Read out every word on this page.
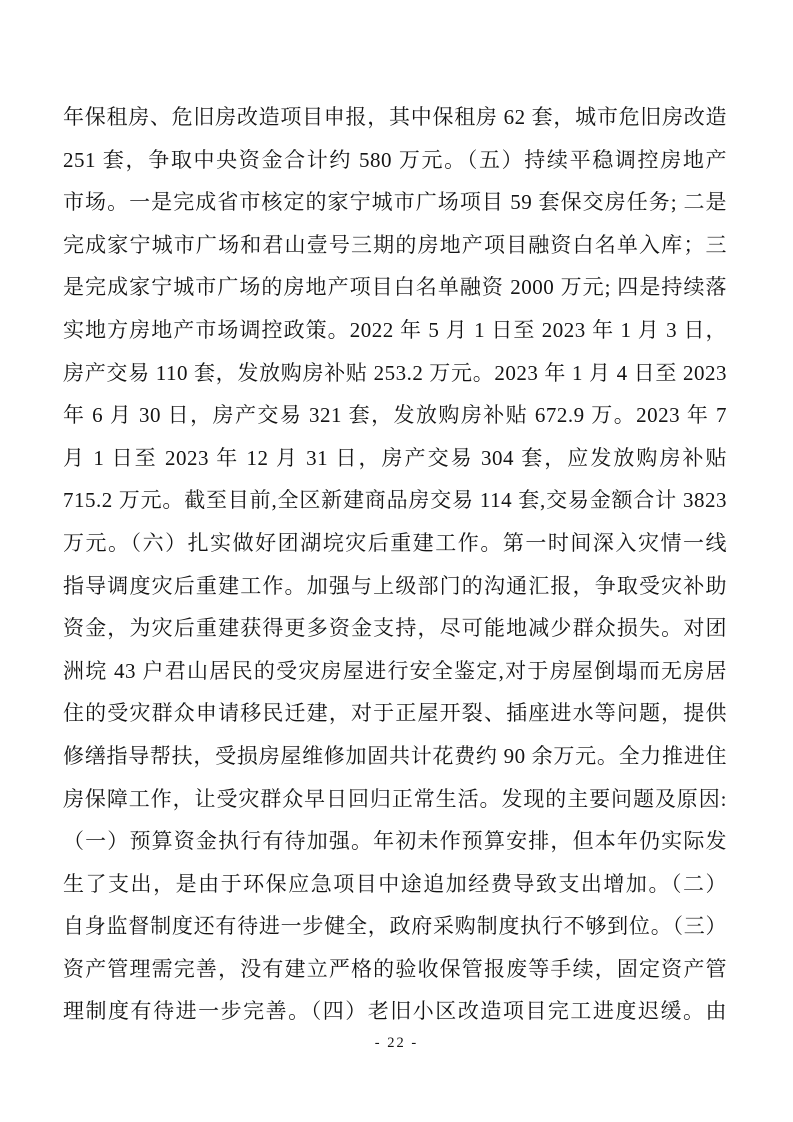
年保租房、危旧房改造项目申报，其中保租房 62 套，城市危旧房改造
251 套，争取中央资金合计约 580 万元。（五）持续平稳调控房地产
市场。一是完成省市核定的家宁城市广场项目 59 套保交房任务; 二是
完成家宁城市广场和君山壹号三期的房地产项目融资白名单入库；三
是完成家宁城市广场的房地产项目白名单融资 2000 万元; 四是持续落
实地方房地产市场调控政策。2022 年 5 月 1 日至 2023 年 1 月 3 日，
房产交易 110 套，发放购房补贴 253.2 万元。2023 年 1 月 4 日至 2023
年 6 月 30 日，房产交易 321 套，发放购房补贴 672.9 万。2023 年 7
月 1 日至 2023 年 12 月 31 日，房产交易 304 套，应发放购房补贴
715.2 万元。截至目前,全区新建商品房交易 114 套,交易金额合计 3823
万元。（六）扎实做好团湖垸灾后重建工作。第一时间深入灾情一线
指导调度灾后重建工作。加强与上级部门的沟通汇报，争取受灾补助
资金，为灾后重建获得更多资金支持，尽可能地减少群众损失。对团
洲垸 43 户君山居民的受灾房屋进行安全鉴定,对于房屋倒塌而无房居
住的受灾群众申请移民迁建，对于正屋开裂、插座进水等问题，提供
修缮指导帮扶，受损房屋维修加固共计花费约 90 余万元。全力推进住
房保障工作，让受灾群众早日回归正常生活。发现的主要问题及原因:
（一）预算资金执行有待加强。年初未作预算安排，但本年仍实际发
生了支出，是由于环保应急项目中途追加经费导致支出增加。（二）
自身监督制度还有待进一步健全，政府采购制度执行不够到位。（三）
资产管理需完善，没有建立严格的验收保管报废等手续，固定资产管
理制度有待进一步完善。（四）老旧小区改造项目完工进度迟缓。由
- 22 -
